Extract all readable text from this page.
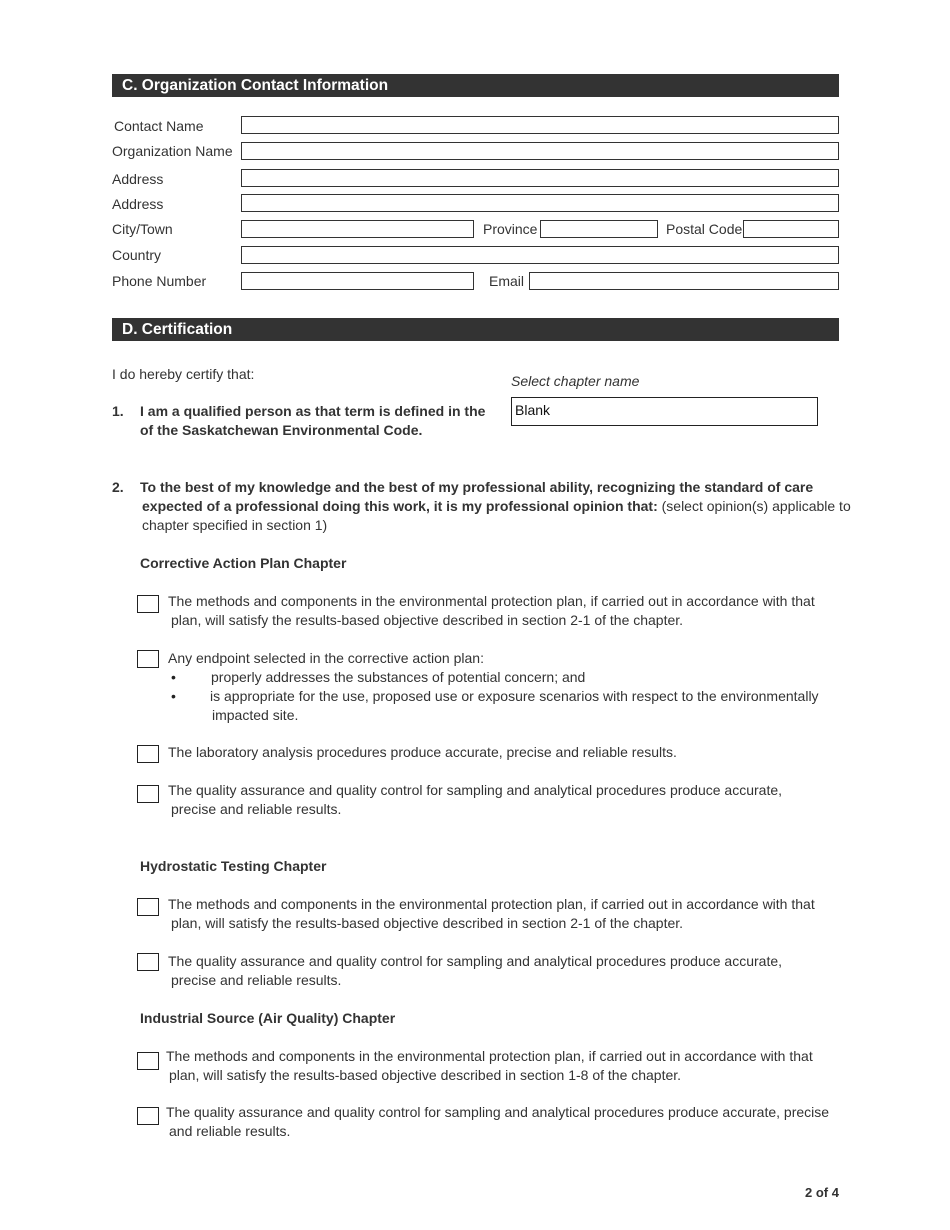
C. Organization Contact Information
Contact Name
Organization Name
Address
Address
City/Town	Province	Postal Code
Country
Phone Number	Email
D. Certification
I do hereby certify that:	Select chapter name
Blank
1. I am a qualified person as that term is defined in the
of the Saskatchewan Environmental Code.
2. To the best of my knowledge and the best of my professional ability, recognizing the standard of care
expected of a professional doing this work, it is my professional opinion that: (select opinion(s) applicable to
chapter specified in section 1)
Corrective Action Plan Chapter
The methods and components in the environmental protection plan, if carried out in accordance with that
plan, will satisfy the results-based objective described in section 2-1 of the chapter.
Any endpoint selected in the corrective action plan:
•	properly addresses the substances of potential concern; and
• is appropriate for the use, proposed use or exposure scenarios with respect to the environmentally
impacted site.
The laboratory analysis procedures produce accurate, precise and reliable results.
The quality assurance and quality control for sampling and analytical procedures produce accurate,
precise and reliable results.
Hydrostatic Testing Chapter
The methods and components in the environmental protection plan, if carried out in accordance with that
plan, will satisfy the results-based objective described in section 2-1 of the chapter.
The quality assurance and quality control for sampling and analytical procedures produce accurate,
precise and reliable results.
Industrial Source (Air Quality) Chapter
The methods and components in the environmental protection plan, if carried out in accordance with that
plan, will satisfy the results-based objective described in section 1-8 of the chapter.
The quality assurance and quality control for sampling and analytical procedures produce accurate, precise
and reliable results.
2 of 4
